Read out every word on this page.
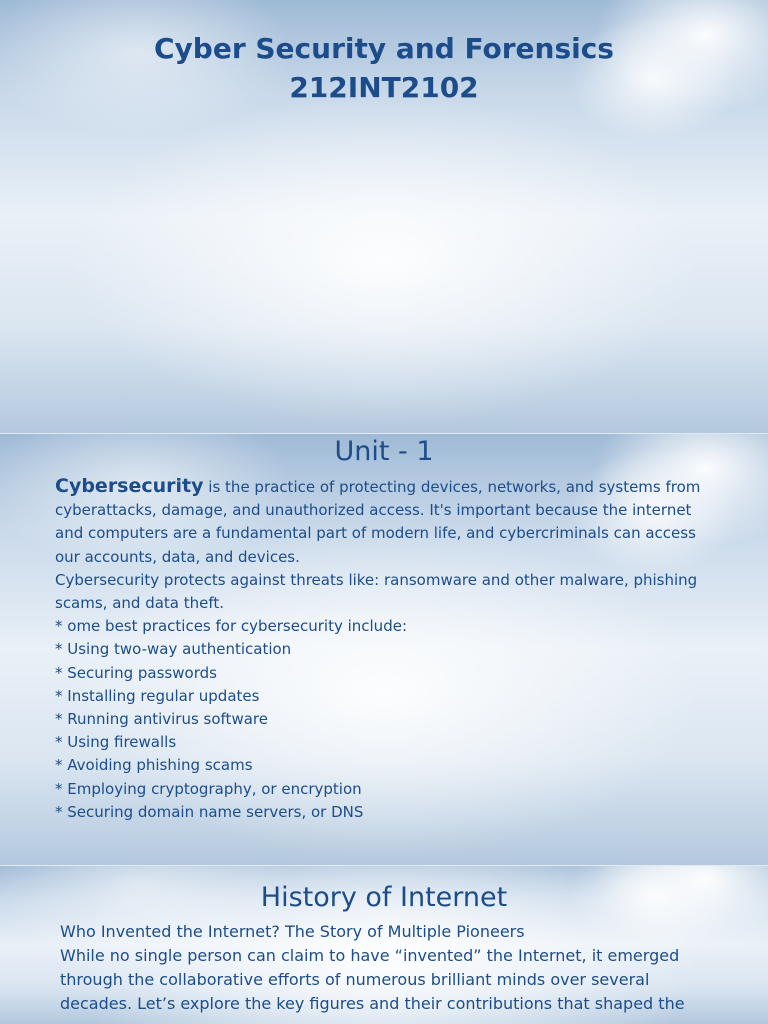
Cyber Security and Forensics
212INT2102
Unit - 1
Cybersecurity is the practice of protecting devices, networks, and systems from
cyberattacks, damage, and unauthorized access. It's important because the internet
and computers are a fundamental part of modern life, and cybercriminals can access
our accounts, data, and devices.
Cybersecurity protects against threats like: ransomware and other malware, phishing
scams, and data theft.
* ome best practices for cybersecurity include:
* Using two-way authentication
* Securing passwords
* Installing regular updates
* Running antivirus software
* Using firewalls
* Avoiding phishing scams
* Employing cryptography, or encryption
* Securing domain name servers, or DNS
History of Internet
Who Invented the Internet? The Story of Multiple Pioneers
While no single person can claim to have “invented” the Internet, it emerged
through the collaborative efforts of numerous brilliant minds over several
decades. Let’s explore the key figures and their contributions that shaped the
